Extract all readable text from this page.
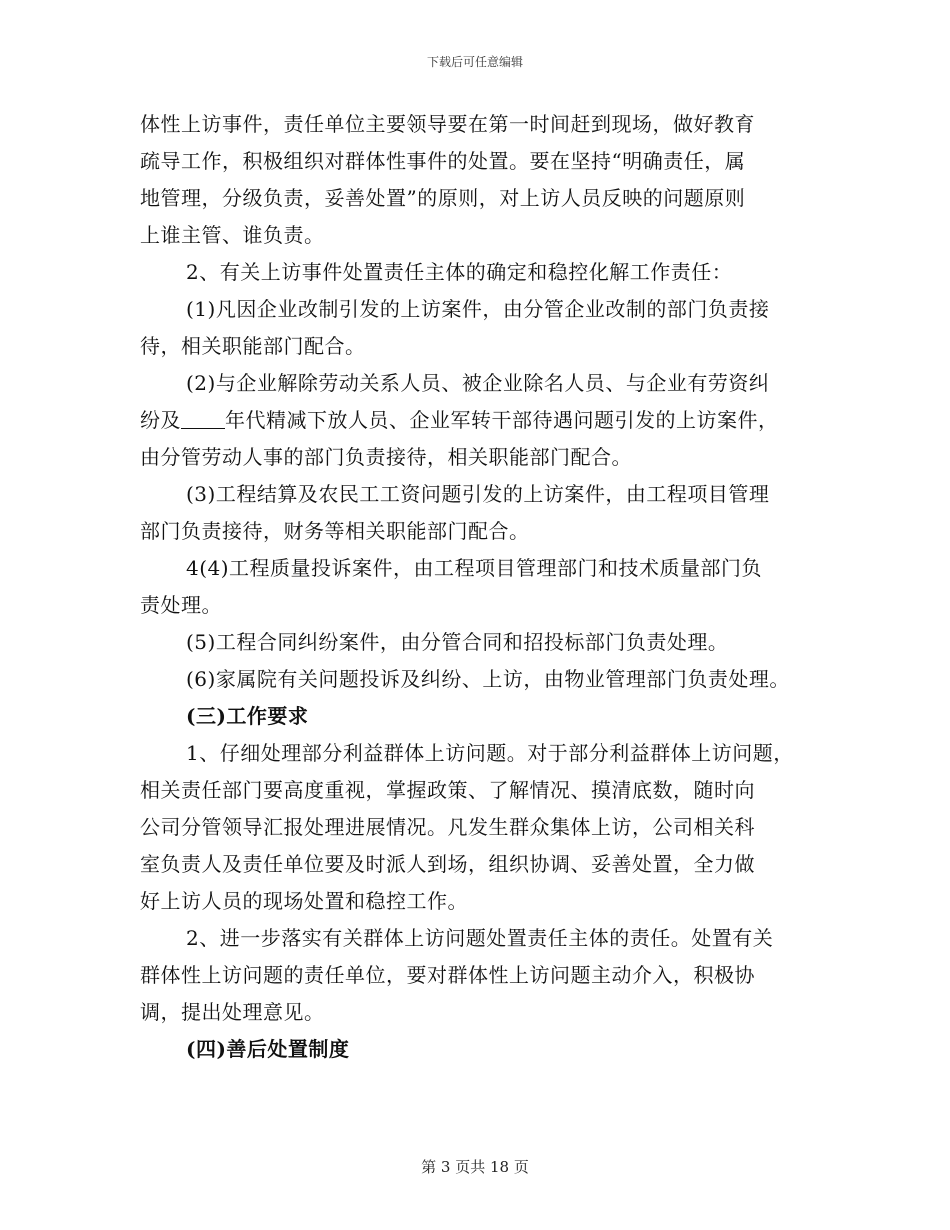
下载后可任意编辑
体性上访事件，责任单位主要领导要在第一时间赶到现场，做好教育
疏导工作，积极组织对群体性事件的处置。要在坚持“明确责任，属
地管理，分级负责，妥善处置”的原则，对上访人员反映的问题原则
上谁主管、谁负责。
2、有关上访事件处置责任主体的确定和稳控化解工作责任：
(1)凡因企业改制引发的上访案件，由分管企业改制的部门负责接
待，相关职能部门配合。
(2)与企业解除劳动关系人员、被企业除名人员、与企业有劳资纠
纷及 年代精减下放人员、企业军转干部待遇问题引发的上访案件，
由分管劳动人事的部门负责接待，相关职能部门配合。
(3)工程结算及农民工工资问题引发的上访案件，由工程项目管理
部门负责接待，财务等相关职能部门配合。
4(4)工程质量投诉案件，由工程项目管理部门和技术质量部门负
责处理。
(5)工程合同纠纷案件，由分管合同和招投标部门负责处理。
(6)家属院有关问题投诉及纠纷、上访，由物业管理部门负责处理。
(三)工作要求
1、仔细处理部分利益群体上访问题。对于部分利益群体上访问题，
相关责任部门要高度重视，掌握政策、了解情况、摸清底数，随时向
公司分管领导汇报处理进展情况。凡发生群众集体上访，公司相关科
室负责人及责任单位要及时派人到场，组织协调、妥善处置，全力做
好上访人员的现场处置和稳控工作。
2、进一步落实有关群体上访问题处置责任主体的责任。处置有关
群体性上访问题的责任单位，要对群体性上访问题主动介入，积极协
调，提出处理意见。
(四)善后处置制度
第 3 页共 18 页
